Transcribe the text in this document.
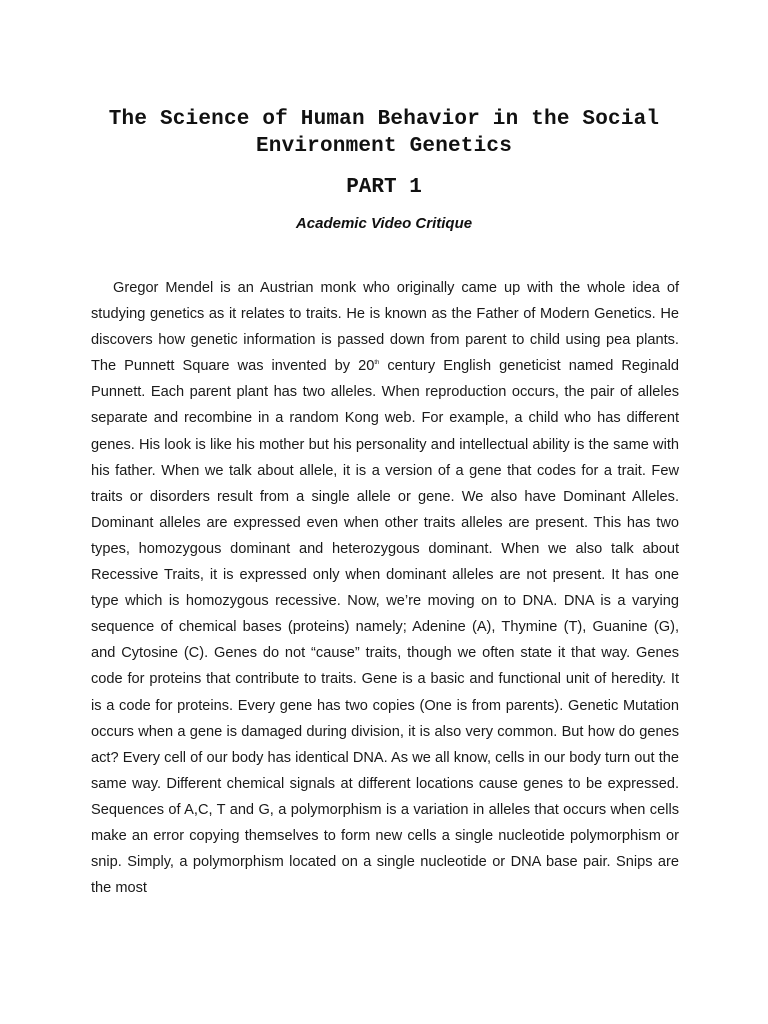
The Science of Human Behavior in the Social
Environment Genetics
PART 1
Academic Video Critique

Gregor Mendel is an Austrian monk who originally came up with the whole idea of studying genetics as it relates to traits. He is known as the Father of Modern Genetics. He discovers how genetic information is passed down from parent to child using pea plants. The Punnett Square was invented by 20th century English geneticist named Reginald Punnett. Each parent plant has two alleles. When reproduction occurs, the pair of alleles separate and recombine in a random Kong web. For example, a child who has different genes. His look is like his mother but his personality and intellectual ability is the same with his father. When we talk about allele, it is a version of a gene that codes for a trait. Few traits or disorders result from a single allele or gene. We also have Dominant Alleles. Dominant alleles are expressed even when other traits alleles are present. This has two types, homozygous dominant and heterozygous dominant. When we also talk about Recessive Traits, it is expressed only when dominant alleles are not present. It has one type which is homozygous recessive. Now, we’re moving on to DNA. DNA is a varying sequence of chemical bases (proteins) namely; Adenine (A), Thymine (T), Guanine (G), and Cytosine (C). Genes do not “cause” traits, though we often state it that way. Genes code for proteins that contribute to traits. Gene is a basic and functional unit of heredity. It is a code for proteins. Every gene has two copies (One is from parents). Genetic Mutation occurs when a gene is damaged during division, it is also very common. But how do genes act? Every cell of our body has identical DNA. As we all know, cells in our body turn out the same way. Different chemical signals at different locations cause genes to be expressed. Sequences of A,C, T and G, a polymorphism is a variation in alleles that occurs when cells make an error copying themselves to form new cells a single nucleotide polymorphism or snip. Simply, a polymorphism located on a single nucleotide or DNA base pair. Snips are the most
